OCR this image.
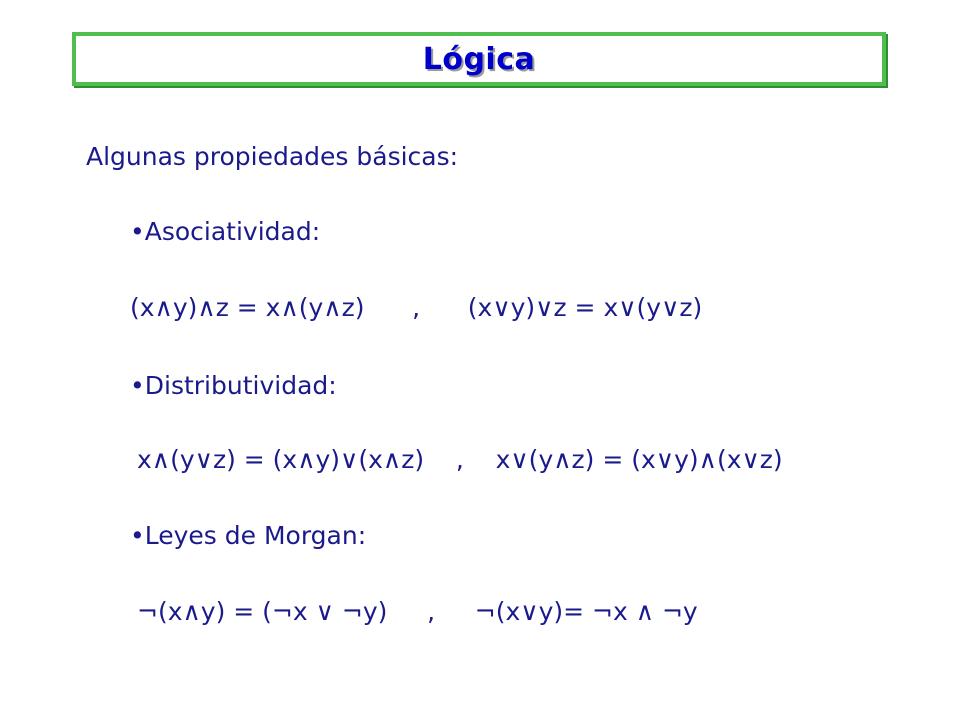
Lógica
Algunas propiedades básicas:
•Asociatividad:
(x∧y)∧z = x∧(y∧z)      ,      (x∨y)∨z = x∨(y∨z)
•Distributividad:
x∧(y∨z) = (x∧y)∨(x∧z)    ,    x∨(y∧z) = (x∨y)∧(x∨z)
•Leyes de Morgan:
¬(x∧y) = (¬x ∨ ¬y)     ,     ¬(x∨y)= ¬x ∧ ¬y
